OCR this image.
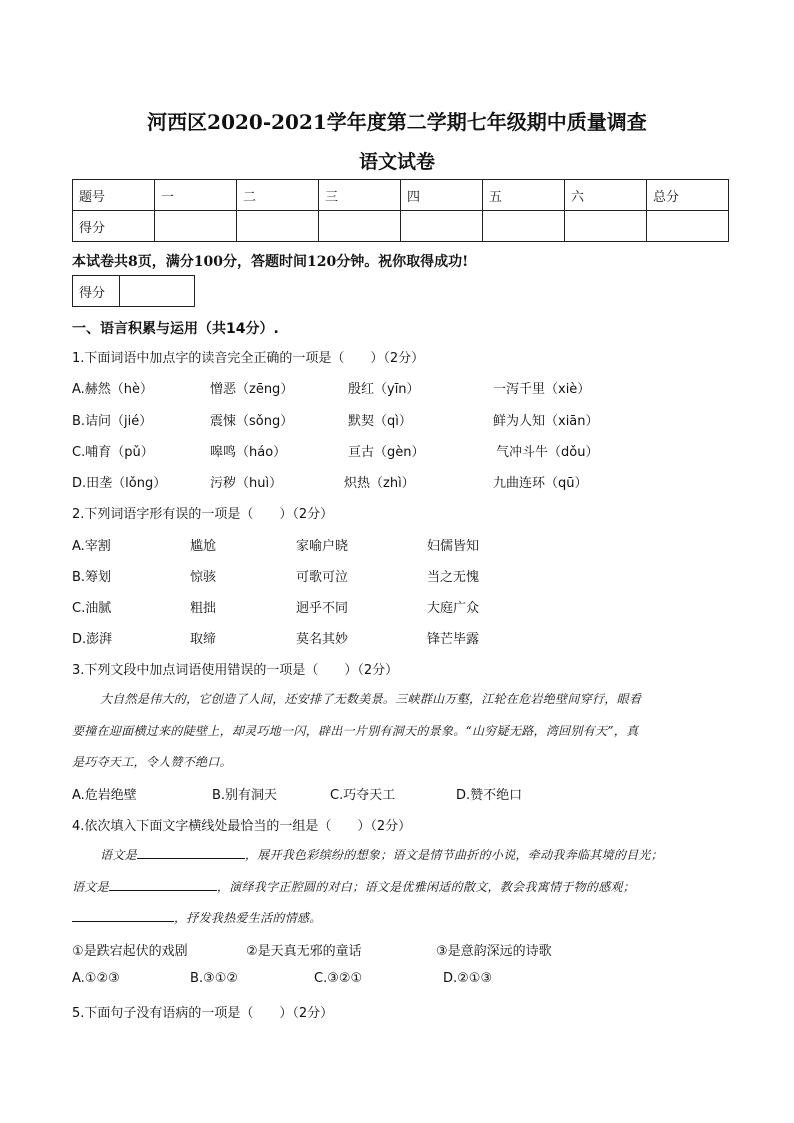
河西区2020-2021学年度第二学期七年级期中质量调查
语文试卷
题号	一	二	三	四	五	六	总分
得分							
本试卷共8页，满分100分，答题时间120分钟。祝你取得成功!
得分	
一、语言积累与运用（共14分）.
1.下面词语中加点字的读音完全正确的一项是（　　）（2分）
A.赫然（hè）	憎恶（zēng）	殷红（yīn）	一泻千里（xiè）
B.诘问（jié）	震悚（sǒng）	默契（qì）	鲜为人知（xiān）
C.哺育（pǔ）	嗥鸣（háo）	亘古（gèn）	气冲斗牛（dǒu）
D.田垄（lǒng）	污秽（huì）	炽热（zhì）	九曲连环（qū）
2.下列词语字形有误的一项是（　　）（2分）
A.宰割	尴尬	家喻户晓	妇儒皆知
B.筹划	惊骇	可歌可泣	当之无愧
C.油腻	粗拙	迥乎不同	大庭广众
D.澎湃	取缔	莫名其妙	锋芒毕露
3.下列文段中加点词语使用错误的一项是（　　）（2分）
大自然是伟大的，它创造了人间，还安排了无数美景。三峡群山万壑，江轮在危岩绝壁间穿行，眼看
要撞在迎面横过来的陡壁上，却灵巧地一闪，辟出一片别有洞天的景象。“山穷疑无路，湾回别有天”，真
是巧夺天工，令人赞不绝口。
A.危岩绝壁	B.别有洞天	C.巧夺天工	D.赞不绝口
4.依次填入下面文字横线处最恰当的一组是（　　）（2分）
语文是	，展开我色彩缤纷的想象；语文是情节曲折的小说，牵动我奔临其境的目光；
语文是	，演绎我字正腔圆的对白；语文是优雅闲适的散文，教会我寓情于物的感观；
，抒发我热爱生活的情感。
①是跌宕起伏的戏剧	②是天真无邪的童话	③是意韵深远的诗歌
A.①②③	B.③①②	C.③②①	D.②①③
5.下面句子没有语病的一项是（　　）（2分）
